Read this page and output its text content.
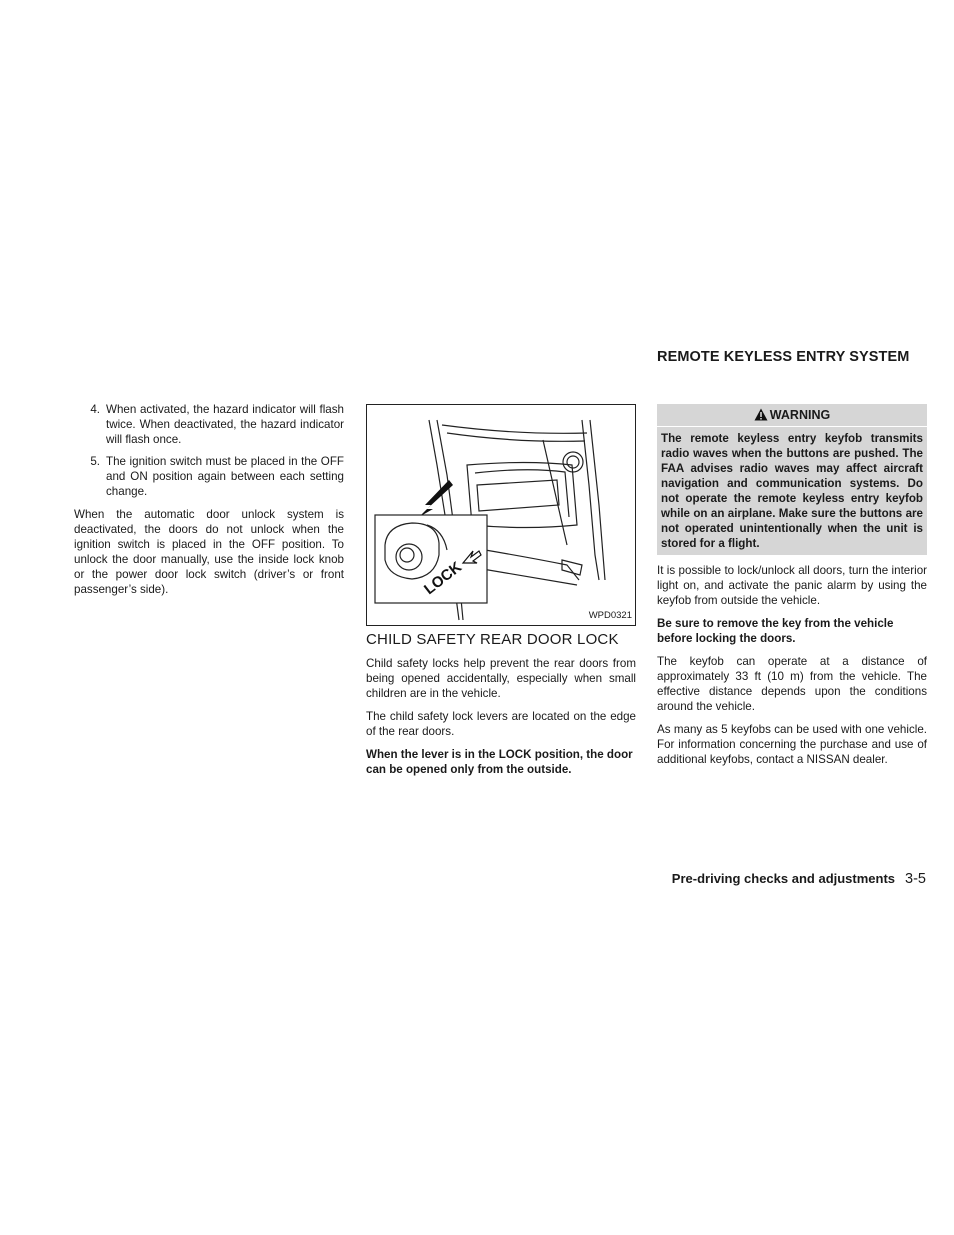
REMOTE KEYLESS ENTRY SYSTEM
4. When activated, the hazard indicator will flash twice. When deactivated, the hazard indicator will flash once.
5. The ignition switch must be placed in the OFF and ON position again between each setting change.

When the automatic door unlock system is deactivated, the doors do not unlock when the ignition switch is placed in the OFF position. To unlock the door manually, use the inside lock knob or the power door lock switch (driver’s or front passenger’s side).	LOCK
WPD0321
CHILD SAFETY REAR DOOR LOCK

Child safety locks help prevent the rear doors from being opened accidentally, especially when small children are in the vehicle.

The child safety lock levers are located on the edge of the rear doors.

When the lever is in the LOCK position, the door can be opened only from the outside.

WARNING
The remote keyless entry keyfob transmits radio waves when the buttons are pushed. The FAA advises radio waves may affect aircraft navigation and communication systems. Do not operate the remote keyless entry keyfob while on an airplane. Make sure the buttons are not operated unintentionally when the unit is stored for a flight.

It is possible to lock/unlock all doors, turn the interior light on, and activate the panic alarm by using the keyfob from outside the vehicle.

Be sure to remove the key from the vehicle before locking the doors.

The keyfob can operate at a distance of approximately 33 ft (10 m) from the vehicle. The effective distance depends upon the conditions around the vehicle.

As many as 5 keyfobs can be used with one vehicle. For information concerning the purchase and use of additional keyfobs, contact a NISSAN dealer.

Pre-driving checks and adjustments 3-5
